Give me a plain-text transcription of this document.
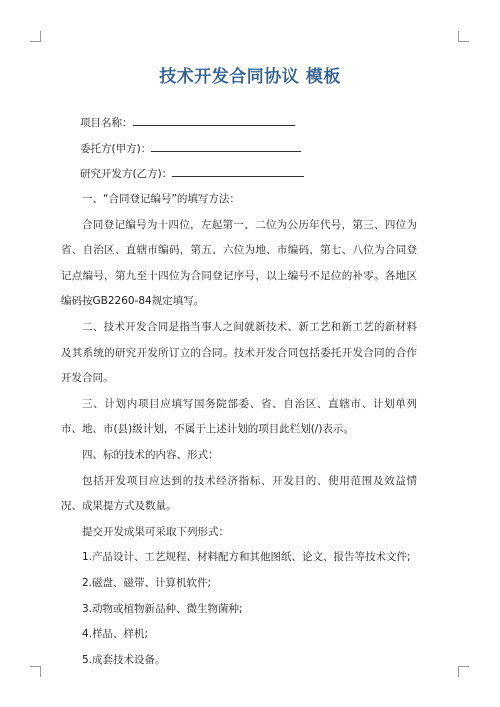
技术开发合同协议 模板
项目名称：
委托方(甲方)：
研究开发方(乙方)：

一、“合同登记编号”的填写方法：

合同登记编号为十四位，左起第一、二位为公历年代号，第三、四位为省、自治区、直辖市编码，第五、六位为地、市编码，第七、八位为合同登记点编号，第九至十四位为合同登记序号，以上编号不足位的补零。各地区编码按GB2260-84规定填写。

二、技术开发合同是指当事人之间就新技术、新工艺和新工艺的新材料及其系统的研究开发所订立的合同。技术开发合同包括委托开发合同的合作开发合同。

三、计划内项目应填写国务院部委、省、自治区、直辖市、计划单列市、地、市(县)级计划，不属于上述计划的项目此栏划(/)表示。

四、标的技术的内容、形式：

包括开发项目应达到的技术经济指标、开发目的、使用范围及效益情况、成果提方式及数量。

提交开发成果可采取下列形式：

1.产品设计、工艺规程、材料配方和其他图纸、论文、报告等技术文件;

2.磁盘、磁带、计算机软件;

3.动物或植物新品种、微生物菌种;

4.样品、样机;

5.成套技术设备。
